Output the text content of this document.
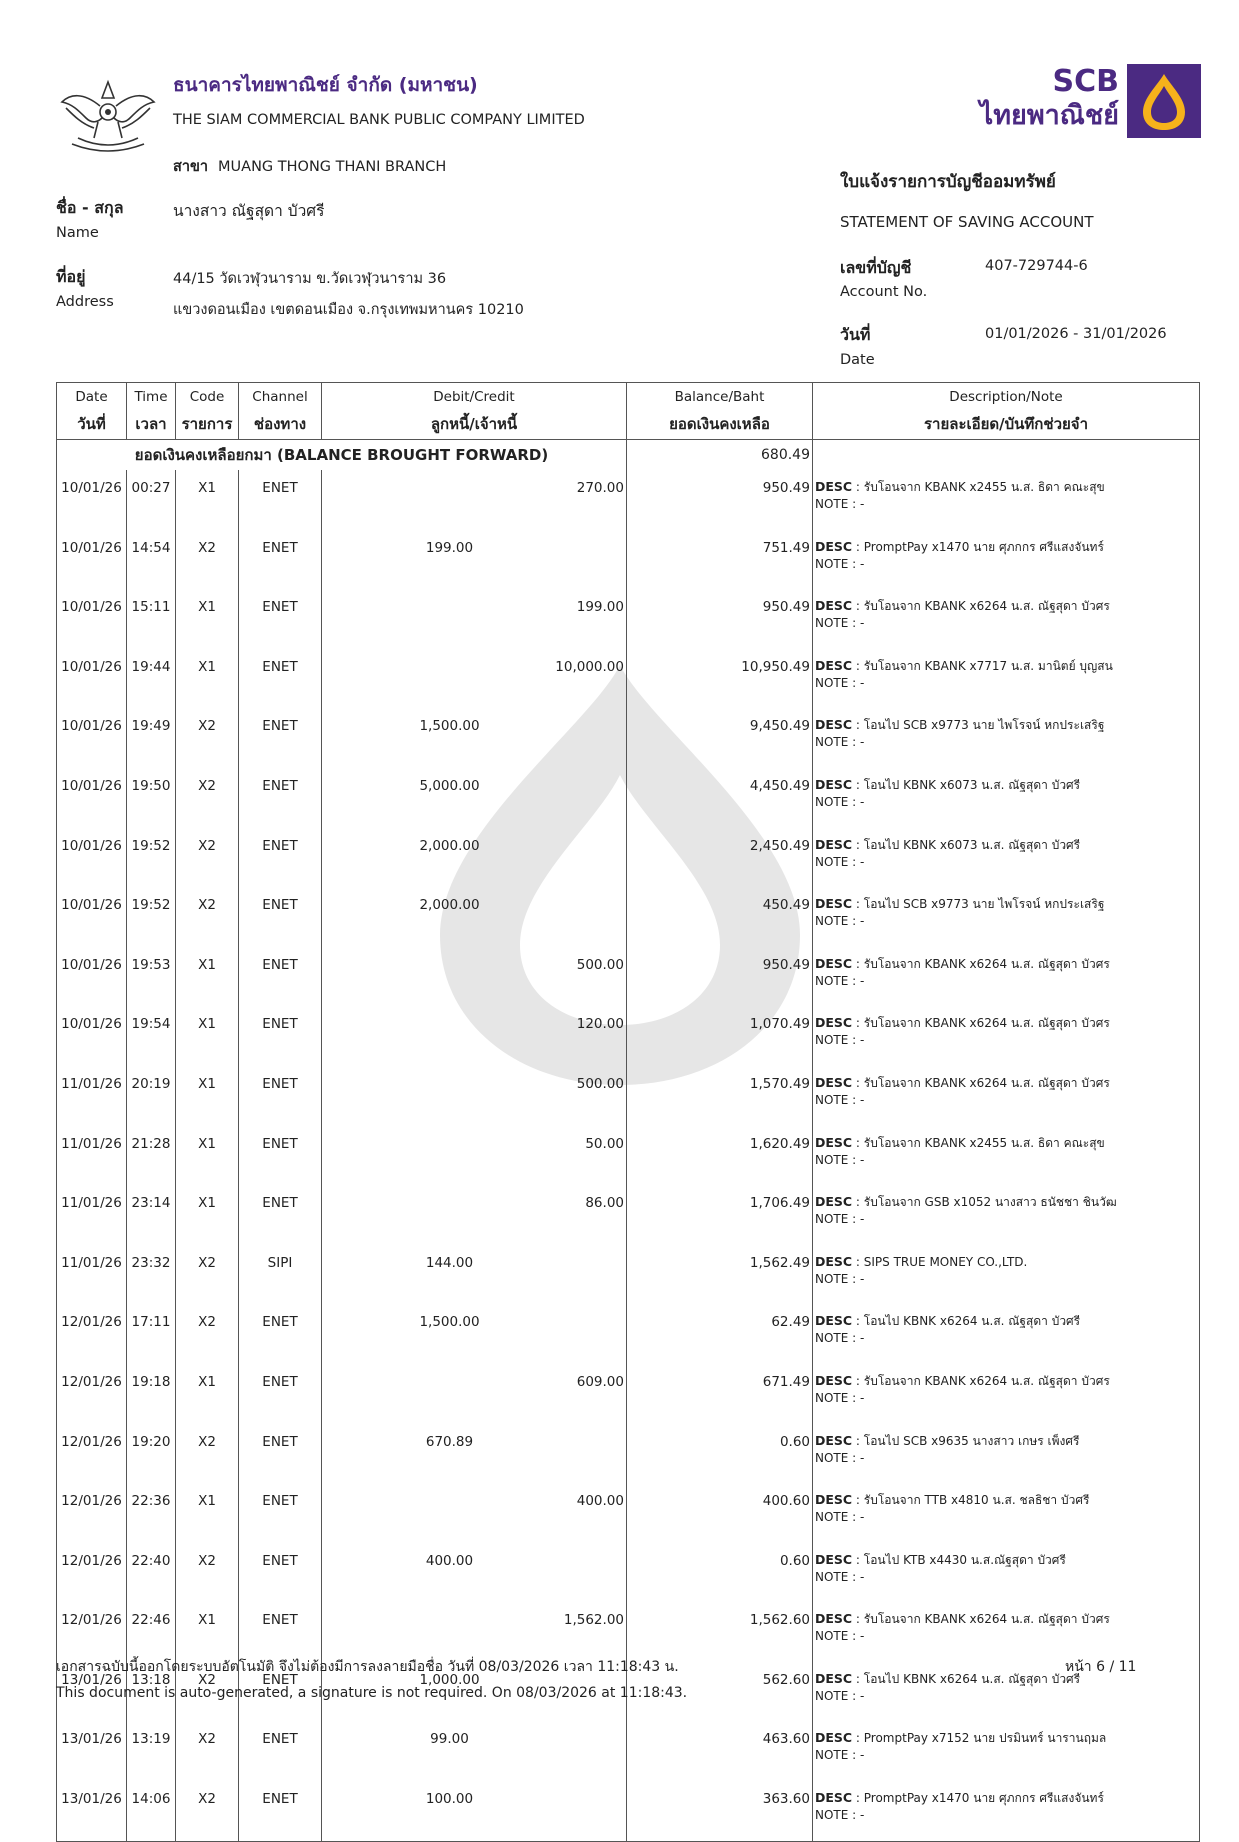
ธนาคารไทยพาณิชย์ จำกัด (มหาชน)
THE SIAM COMMERCIAL BANK PUBLIC COMPANY LIMITED
สาขา MUANG THONG THANI BRANCH
ชื่อ - สกุล
Name
นางสาว ณัฐสุดา บัวศรี
ที่อยู่
Address
44/15 วัดเวฬุวนาราม ข.วัดเวฬุวนาราม 36
แขวงดอนเมือง เขตดอนเมือง จ.กรุงเทพมหานคร 10210
SCB
ไทยพาณิชย์
ใบแจ้งรายการบัญชีออมทรัพย์
STATEMENT OF SAVING ACCOUNT
เลขที่บัญชี
Account No.
407-729744-6
วันที่
Date
01/01/2026 - 31/01/2026
Date	Time	Code	Channel	Debit/Credit	Balance/Baht	Description/Note
วันที่	เวลา	รายการ	ช่องทาง	ลูกหนี้/เจ้าหนี้	ยอดเงินคงเหลือ	รายละเอียด/บันทึกช่วยจำ
ยอดเงินคงเหลือยกมา (BALANCE BROUGHT FORWARD)					680.49	
10/01/26	00:27	X1	ENET	270.00	950.49	DESC : รับโอนจาก KBANK x2455 น.ส. ธิดา คณะสุข
NOTE : -

10/01/26	14:54	X2	ENET	199.00	751.49	DESC : PromptPay x1470 นาย ศุภกกร ศรีแสงจันทร์
NOTE : -

10/01/26	15:11	X1	ENET	199.00	950.49	DESC : รับโอนจาก KBANK x6264 น.ส. ณัฐสุดา บัวศร
NOTE : -

10/01/26	19:44	X1	ENET	10,000.00	10,950.49	DESC : รับโอนจาก KBANK x7717 น.ส. มานิตย์ บุญสน
NOTE : -

10/01/26	19:49	X2	ENET	1,500.00	9,450.49	DESC : โอนไป SCB x9773 นาย ไพโรจน์ หกประเสริฐ
NOTE : -

10/01/26	19:50	X2	ENET	5,000.00	4,450.49	DESC : โอนไป KBNK x6073 น.ส. ณัฐสุดา บัวศรี
NOTE : -

10/01/26	19:52	X2	ENET	2,000.00	2,450.49	DESC : โอนไป KBNK x6073 น.ส. ณัฐสุดา บัวศรี
NOTE : -

10/01/26	19:52	X2	ENET	2,000.00	450.49	DESC : โอนไป SCB x9773 นาย ไพโรจน์ หกประเสริฐ
NOTE : -

10/01/26	19:53	X1	ENET	500.00	950.49	DESC : รับโอนจาก KBANK x6264 น.ส. ณัฐสุดา บัวศร
NOTE : -

10/01/26	19:54	X1	ENET	120.00	1,070.49	DESC : รับโอนจาก KBANK x6264 น.ส. ณัฐสุดา บัวศร
NOTE : -

11/01/26	20:19	X1	ENET	500.00	1,570.49	DESC : รับโอนจาก KBANK x6264 น.ส. ณัฐสุดา บัวศร
NOTE : -

11/01/26	21:28	X1	ENET	50.00	1,620.49	DESC : รับโอนจาก KBANK x2455 น.ส. ธิดา คณะสุข
NOTE : -

11/01/26	23:14	X1	ENET	86.00	1,706.49	DESC : รับโอนจาก GSB x1052 นางสาว ธนัชชา ชินวัฒ
NOTE : -

11/01/26	23:32	X2	SIPI	144.00	1,562.49	DESC : SIPS TRUE MONEY CO.,LTD.
NOTE : -

12/01/26	17:11	X2	ENET	1,500.00	62.49	DESC : โอนไป KBNK x6264 น.ส. ณัฐสุดา บัวศรี
NOTE : -

12/01/26	19:18	X1	ENET	609.00	671.49	DESC : รับโอนจาก KBANK x6264 น.ส. ณัฐสุดา บัวศร
NOTE : -

12/01/26	19:20	X2	ENET	670.89	0.60	DESC : โอนไป SCB x9635 นางสาว เกษร เพ็งศรี
NOTE : -

12/01/26	22:36	X1	ENET	400.00	400.60	DESC : รับโอนจาก TTB x4810 น.ส. ชลธิชา บัวศรี
NOTE : -

12/01/26	22:40	X2	ENET	400.00	0.60	DESC : โอนไป KTB x4430 น.ส.ณัฐสุดา บัวศรี
NOTE : -

12/01/26	22:46	X1	ENET	1,562.00	1,562.60	DESC : รับโอนจาก KBANK x6264 น.ส. ณัฐสุดา บัวศร
NOTE : -

13/01/26	13:18	X2	ENET	1,000.00	562.60	DESC : โอนไป KBNK x6264 น.ส. ณัฐสุดา บัวศรี
NOTE : -

13/01/26	13:19	X2	ENET	99.00	463.60	DESC : PromptPay x7152 นาย ปรมินทร์ นารานฤมล
NOTE : -

13/01/26	14:06	X2	ENET	100.00	363.60	DESC : PromptPay x1470 นาย ศุภกกร ศรีแสงจันทร์
NOTE : -
เอกสารฉบับนี้ออกโดยระบบอัตโนมัติ จึงไม่ต้องมีการลงลายมือชื่อ วันที่ 08/03/2026 เวลา 11:18:43 น.
This document is auto-generated, a signature is not required. On 08/03/2026 at 11:18:43.
หน้า 6 / 11
